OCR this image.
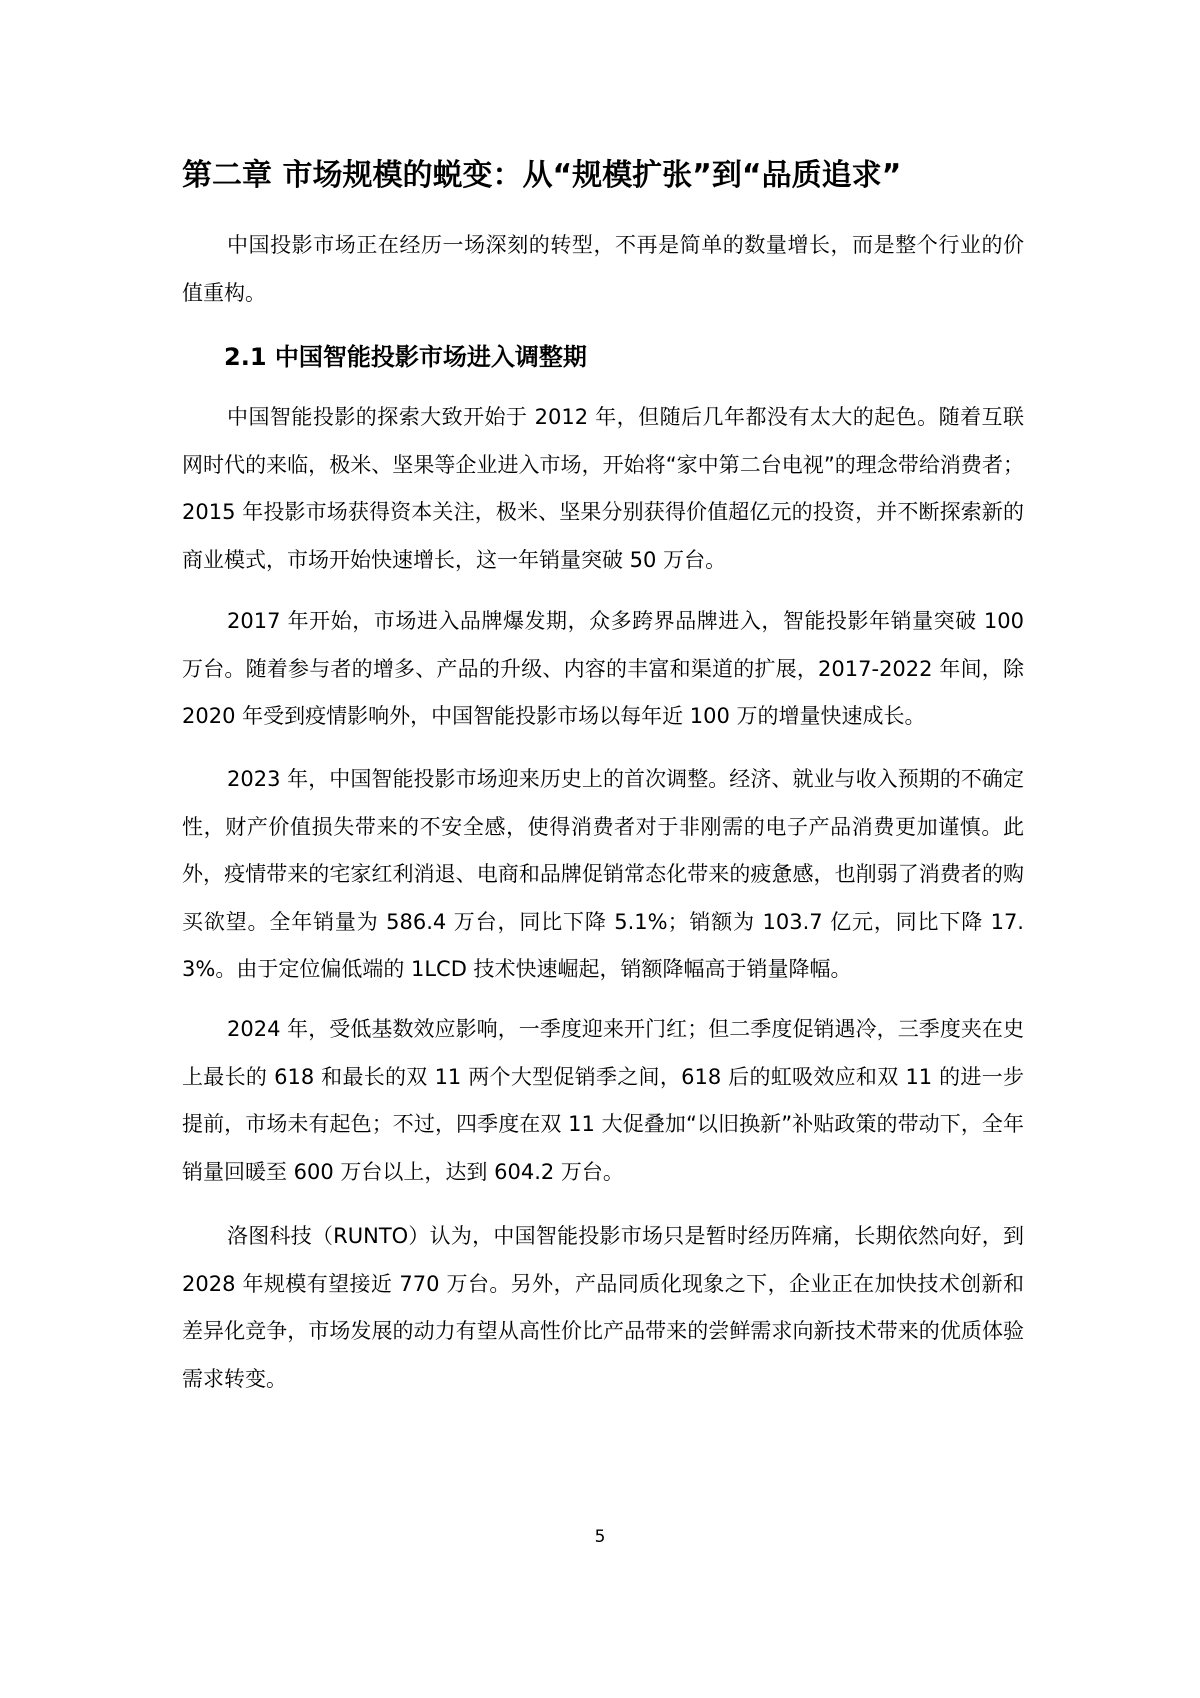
第二章 市场规模的蜕变：从“规模扩张”到“品质追求”

中国投影市场正在经历一场深刻的转型，不再是简单的数量增长，而是整个行业的价值重构。

2.1 中国智能投影市场进入调整期

中国智能投影的探索大致开始于 2012 年，但随后几年都没有太大的起色。随着互联网时代的来临，极米、坚果等企业进入市场，开始将“家中第二台电视”的理念带给消费者；2015 年投影市场获得资本关注，极米、坚果分别获得价值超亿元的投资，并不断探索新的商业模式，市场开始快速增长，这一年销量突破 50 万台。

2017 年开始，市场进入品牌爆发期，众多跨界品牌进入，智能投影年销量突破 100 万台。随着参与者的增多、产品的升级、内容的丰富和渠道的扩展，2017-2022 年间，除 2020 年受到疫情影响外，中国智能投影市场以每年近 100 万的增量快速成长。

2023 年，中国智能投影市场迎来历史上的首次调整。经济、就业与收入预期的不确定性，财产价值损失带来的不安全感，使得消费者对于非刚需的电子产品消费更加谨慎。此外，疫情带来的宅家红利消退、电商和品牌促销常态化带来的疲惫感，也削弱了消费者的购买欲望。全年销量为 586.4 万台，同比下降 5.1%；销额为 103.7 亿元，同比下降 17.3%。由于定位偏低端的 1LCD 技术快速崛起，销额降幅高于销量降幅。

2024 年，受低基数效应影响，一季度迎来开门红；但二季度促销遇冷，三季度夹在史上最长的 618 和最长的双 11 两个大型促销季之间，618 后的虹吸效应和双 11 的进一步提前，市场未有起色；不过，四季度在双 11 大促叠加“以旧换新”补贴政策的带动下，全年销量回暖至 600 万台以上，达到 604.2 万台。

洛图科技（RUNTO）认为，中国智能投影市场只是暂时经历阵痛，长期依然向好，到 2028 年规模有望接近 770 万台。另外，产品同质化现象之下，企业正在加快技术创新和差异化竞争，市场发展的动力有望从高性价比产品带来的尝鲜需求向新技术带来的优质体验需求转变。

5
